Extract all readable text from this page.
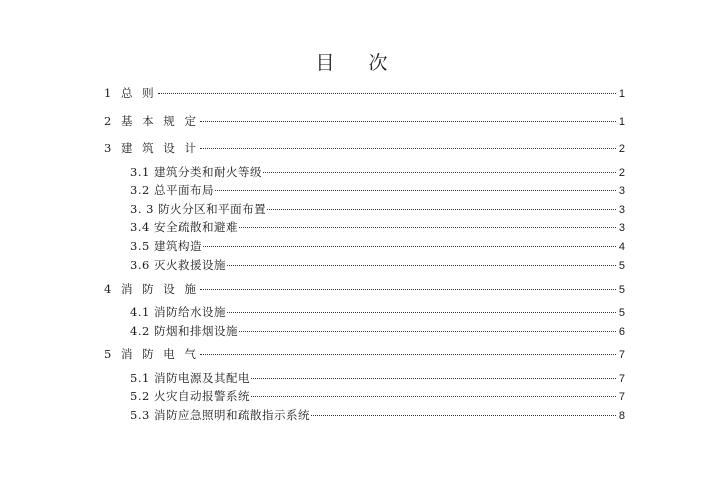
目 次
1 总 则	1
2 基 本 规 定	1
3 建 筑 设 计	2
3.1 建筑分类和耐火等级	2
3.2 总平面布局	3
3. 3 防火分区和平面布置	3
3.4 安全疏散和避难	3
3.5 建筑构造	4
3.6 灭火救援设施	5
4 消 防 设 施	5
4.1 消防给水设施	5
4.2 防烟和排烟设施	6
5 消 防 电 气	7
5.1 消防电源及其配电	7
5.2 火灾自动报警系统	7
5.3 消防应急照明和疏散指示系统	8
